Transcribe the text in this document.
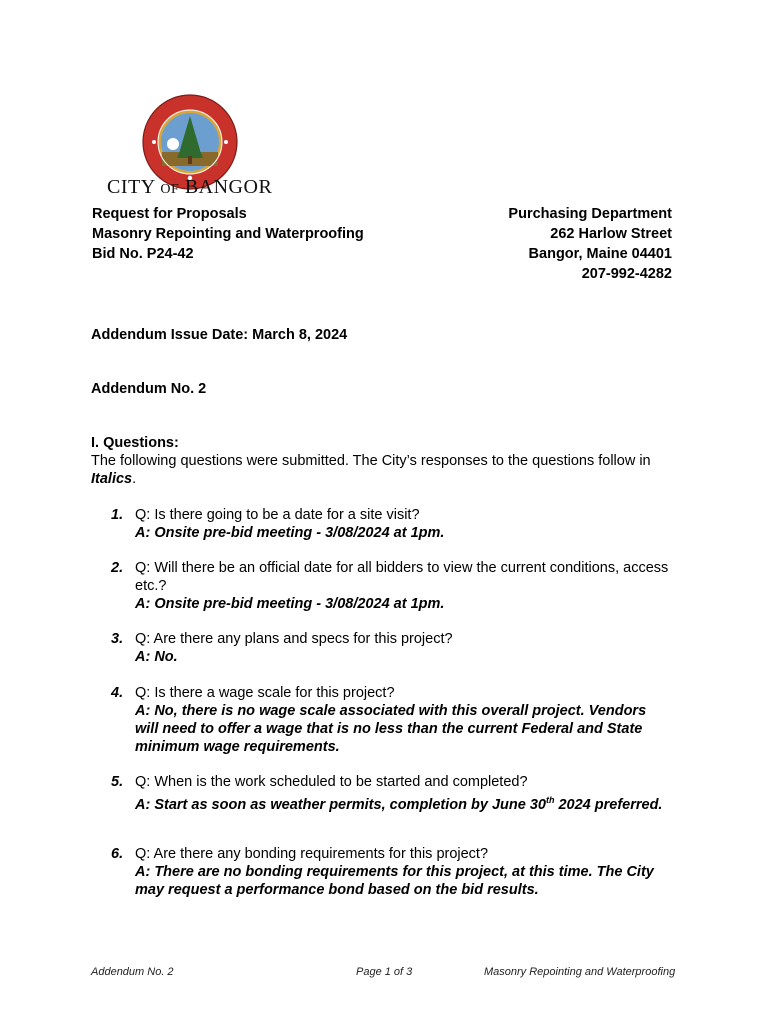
CITY OF BANGOR
Request for Proposals
Masonry Repointing and Waterproofing
Bid No. P24-42
Purchasing Department
262 Harlow Street
Bangor, Maine 04401
207-992-4282
Addendum Issue Date: March 8, 2024
Addendum No. 2
I. Questions:
The following questions were submitted. The City’s responses to the questions follow in Italics.
1. Q: Is there going to be a date for a site visit?
A: Onsite pre-bid meeting - 3/08/2024 at 1pm.
2. Q: Will there be an official date for all bidders to view the current conditions, access etc.?
A: Onsite pre-bid meeting - 3/08/2024 at 1pm.
3. Q: Are there any plans and specs for this project?
A: No.
4. Q: Is there a wage scale for this project?
A: No, there is no wage scale associated with this overall project. Vendors will need to offer a wage that is no less than the current Federal and State minimum wage requirements.
5. Q: When is the work scheduled to be started and completed?
A: Start as soon as weather permits, completion by June 30th 2024 preferred.
6. Q: Are there any bonding requirements for this project?
A: There are no bonding requirements for this project, at this time. The City may request a performance bond based on the bid results.
Addendum No. 2	Page 1 of 3	Masonry Repointing and Waterproofing
